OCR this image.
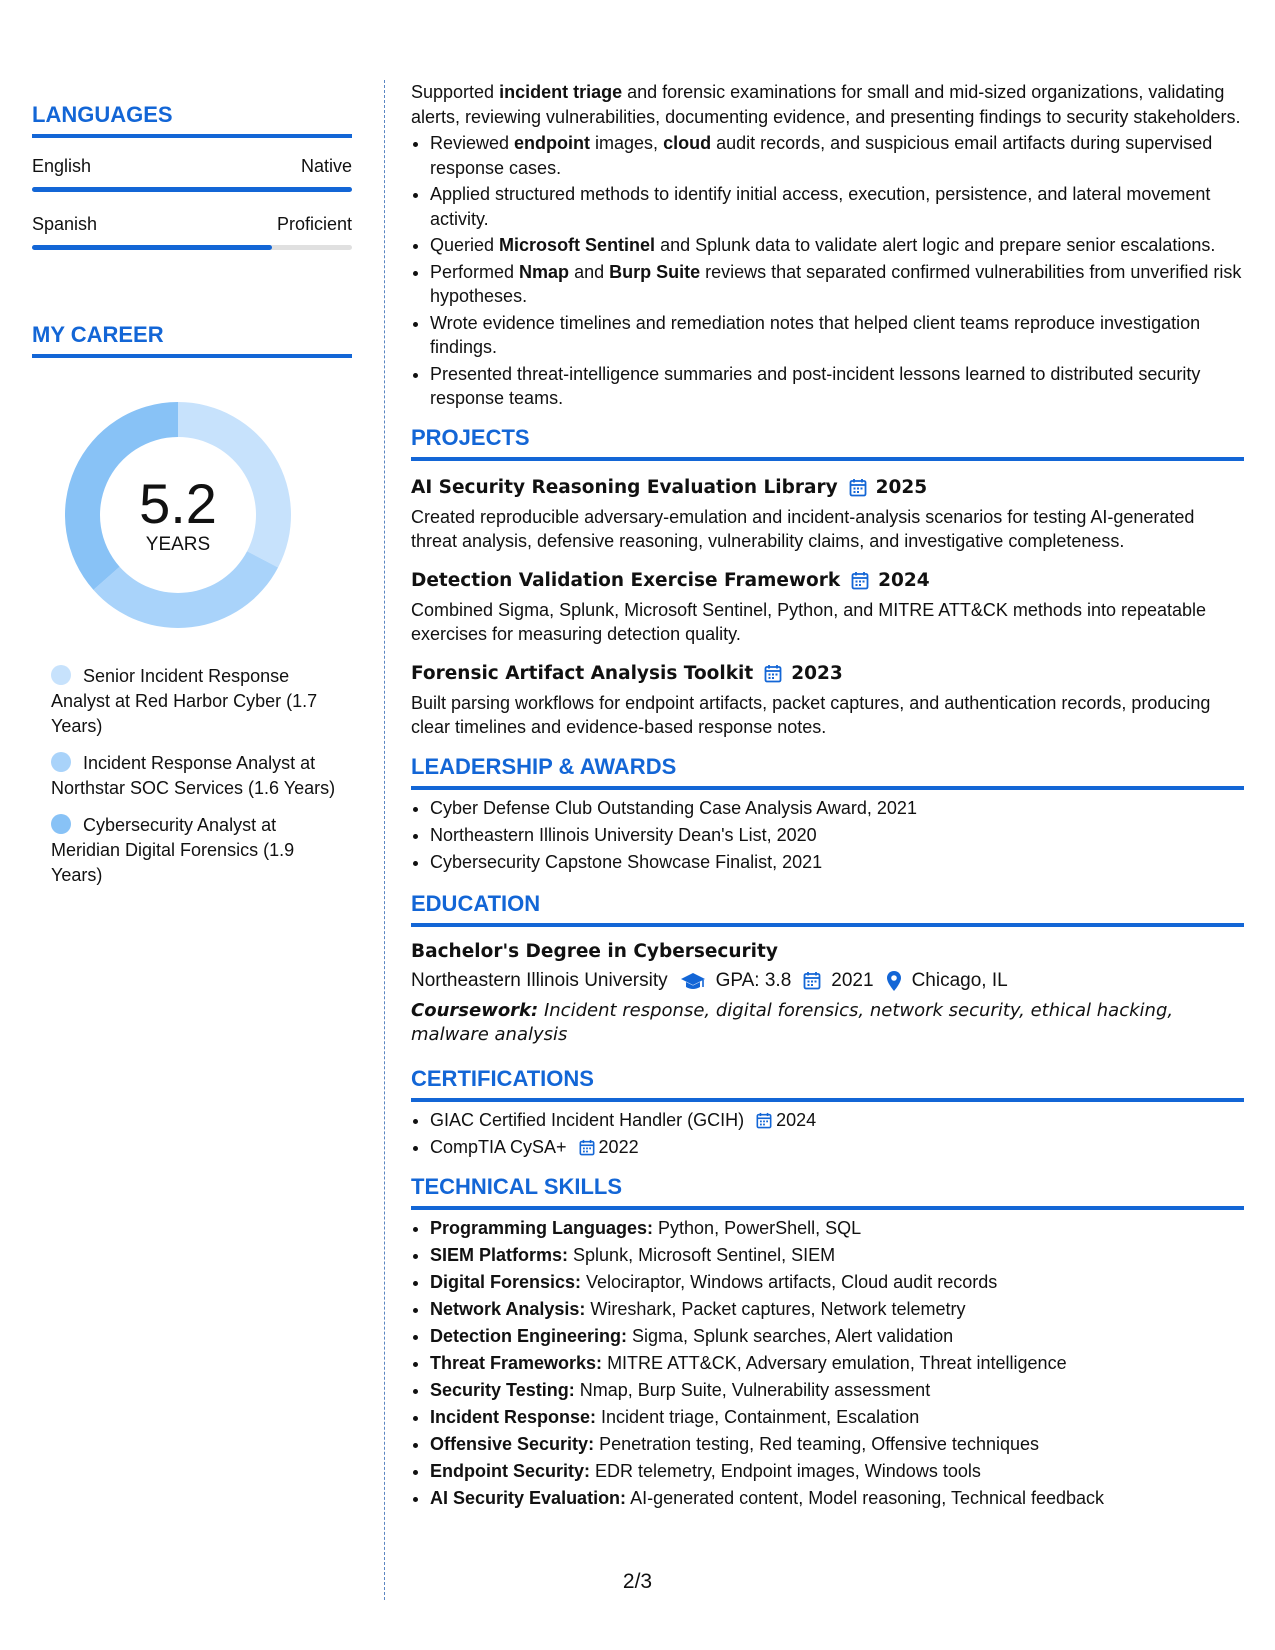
LANGUAGES
English	Native
Spanish	Proficient
MY CAREER
5.2
YEARS
Senior Incident Response Analyst at Red Harbor Cyber (1.7 Years)
Incident Response Analyst at Northstar SOC Services (1.6 Years)
Cybersecurity Analyst at Meridian Digital Forensics (1.9 Years)

Supported incident triage and forensic examinations for small and mid-sized organizations, validating alerts, reviewing vulnerabilities, documenting evidence, and presenting findings to security stakeholders.

• Reviewed endpoint images, cloud audit records, and suspicious email artifacts during supervised response cases.
• Applied structured methods to identify initial access, execution, persistence, and lateral movement activity.
• Queried Microsoft Sentinel and Splunk data to validate alert logic and prepare senior escalations.
• Performed Nmap and Burp Suite reviews that separated confirmed vulnerabilities from unverified risk hypotheses.
• Wrote evidence timelines and remediation notes that helped client teams reproduce investigation findings.
• Presented threat-intelligence summaries and post-incident lessons learned to distributed security response teams.
PROJECTS
AI Security Reasoning Evaluation Library 2025
Created reproducible adversary-emulation and incident-analysis scenarios for testing AI-generated threat analysis, defensive reasoning, vulnerability claims, and investigative completeness.
Detection Validation Exercise Framework 2024
Combined Sigma, Splunk, Microsoft Sentinel, Python, and MITRE ATT&CK methods into repeatable exercises for measuring detection quality.
Forensic Artifact Analysis Toolkit 2023
Built parsing workflows for endpoint artifacts, packet captures, and authentication records, producing clear timelines and evidence-based response notes.
LEADERSHIP & AWARDS
• Cyber Defense Club Outstanding Case Analysis Award, 2021
• Northeastern Illinois University Dean's List, 2020
• Cybersecurity Capstone Showcase Finalist, 2021
EDUCATION
Bachelor's Degree in Cybersecurity
Northeastern Illinois University	GPA: 3.8 2021 Chicago, IL
Coursework: Incident response, digital forensics, network security, ethical hacking, malware analysis
CERTIFICATIONS
• GIAC Certified Incident Handler (GCIH) 2024
• CompTIA CySA+ 2022
TECHNICAL SKILLS
• Programming Languages: Python, PowerShell, SQL
• SIEM Platforms: Splunk, Microsoft Sentinel, SIEM
• Digital Forensics: Velociraptor, Windows artifacts, Cloud audit records
• Network Analysis: Wireshark, Packet captures, Network telemetry
• Detection Engineering: Sigma, Splunk searches, Alert validation
• Threat Frameworks: MITRE ATT&CK, Adversary emulation, Threat intelligence
• Security Testing: Nmap, Burp Suite, Vulnerability assessment
• Incident Response: Incident triage, Containment, Escalation
• Offensive Security: Penetration testing, Red teaming, Offensive techniques
• Endpoint Security: EDR telemetry, Endpoint images, Windows tools
• AI Security Evaluation: AI-generated content, Model reasoning, Technical feedback
2/3
